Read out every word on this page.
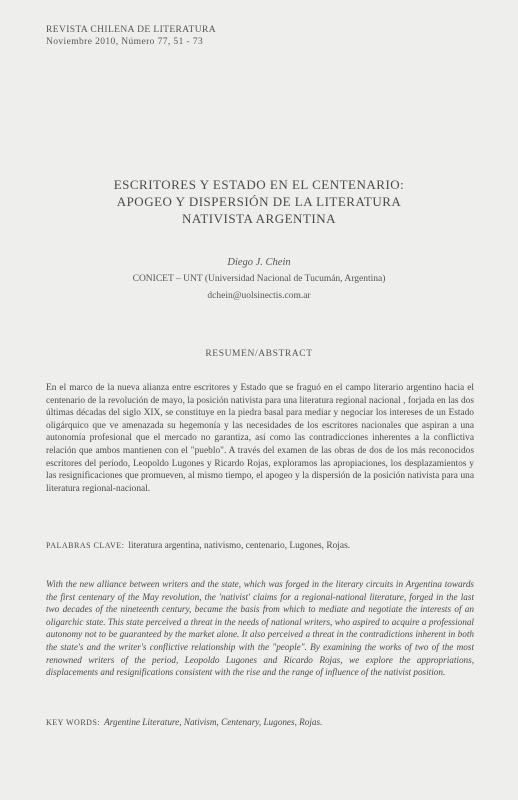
REVISTA CHILENA DE LITERATURA
Noviembre 2010, Número 77, 51 - 73
ESCRITORES Y ESTADO EN EL CENTENARIO:
APOGEO Y DISPERSIÓN DE LA LITERATURA
NATIVISTA ARGENTINA
Diego J. Chein
CONICET – UNT (Universidad Nacional de Tucumán, Argentina)
dchein@uolsinectis.com.ar
RESUMEN/ABSTRACT
En el marco de la nueva alianza entre escritores y Estado que se fraguó en el campo literario argentino hacia el centenario de la revolución de mayo, la posición nativista para una literatura regional nacional , forjada en las dos últimas décadas del siglo XIX, se constituye en la piedra basal para mediar y negociar los intereses de un Estado oligárquico que ve amenazada su hegemonía y las necesidades de los escritores nacionales que aspiran a una autonomía profesional que el mercado no garantiza, así como las contradicciones inherentes a la conflictiva relación que ambos mantienen con el "pueblo". A través del examen de las obras de dos de los más reconocidos escritores del período, Leopoldo Lugones y Ricardo Rojas, exploramos las apropiaciones, los desplazamientos y las resignificaciones que promueven, al mismo tiempo, el apogeo y la dispersión de la posición nativista para una literatura regional-nacional.
PALABRAS CLAVE: literatura argentina, nativismo, centenario, Lugones, Rojas.
With the new alliance between writers and the state, which was forged in the literary circuits in Argentina towards the first centenary of the May revolution, the 'nativist' claims for a regional-national literature, forged in the last two decades of the nineteenth century, became the basis from which to mediate and negotiate the interests of an oligarchic state. This state perceived a threat in the needs of national writers, who aspired to acquire a professional autonomy not to be guaranteed by the market alone. It also perceived a threat in the contradictions inherent in both the state's and the writer's conflictive relationship with the "people". By examining the works of two of the most renowned writers of the period, Leopoldo Lugones and Ricardo Rojas, we explore the appropriations, displacements and resignifications consistent with the rise and the range of influence of the nativist position.
KEY WORDS: Argentine Literature, Nativism, Centenary, Lugones, Rojas.
